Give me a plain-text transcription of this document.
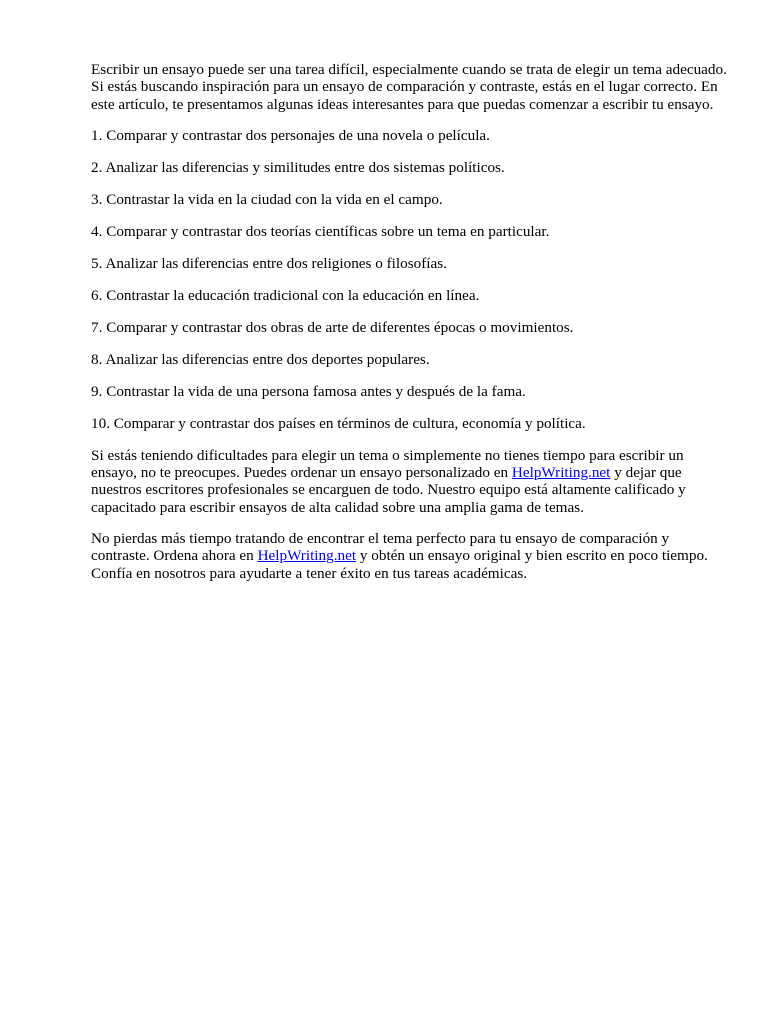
Escribir un ensayo puede ser una tarea difícil, especialmente cuando se trata de elegir un tema adecuado. Si estás buscando inspiración para un ensayo de comparación y contraste, estás en el lugar correcto. En este artículo, te presentamos algunas ideas interesantes para que puedas comenzar a escribir tu ensayo.

1. Comparar y contrastar dos personajes de una novela o película.

2. Analizar las diferencias y similitudes entre dos sistemas políticos.

3. Contrastar la vida en la ciudad con la vida en el campo.

4. Comparar y contrastar dos teorías científicas sobre un tema en particular.

5. Analizar las diferencias entre dos religiones o filosofías.

6. Contrastar la educación tradicional con la educación en línea.

7. Comparar y contrastar dos obras de arte de diferentes épocas o movimientos.

8. Analizar las diferencias entre dos deportes populares.

9. Contrastar la vida de una persona famosa antes y después de la fama.

10. Comparar y contrastar dos países en términos de cultura, economía y política.

Si estás teniendo dificultades para elegir un tema o simplemente no tienes tiempo para escribir un ensayo, no te preocupes. Puedes ordenar un ensayo personalizado en HelpWriting.net y dejar que nuestros escritores profesionales se encarguen de todo. Nuestro equipo está altamente calificado y capacitado para escribir ensayos de alta calidad sobre una amplia gama de temas.

No pierdas más tiempo tratando de encontrar el tema perfecto para tu ensayo de comparación y contraste. Ordena ahora en HelpWriting.net y obtén un ensayo original y bien escrito en poco tiempo. Confía en nosotros para ayudarte a tener éxito en tus tareas académicas.
